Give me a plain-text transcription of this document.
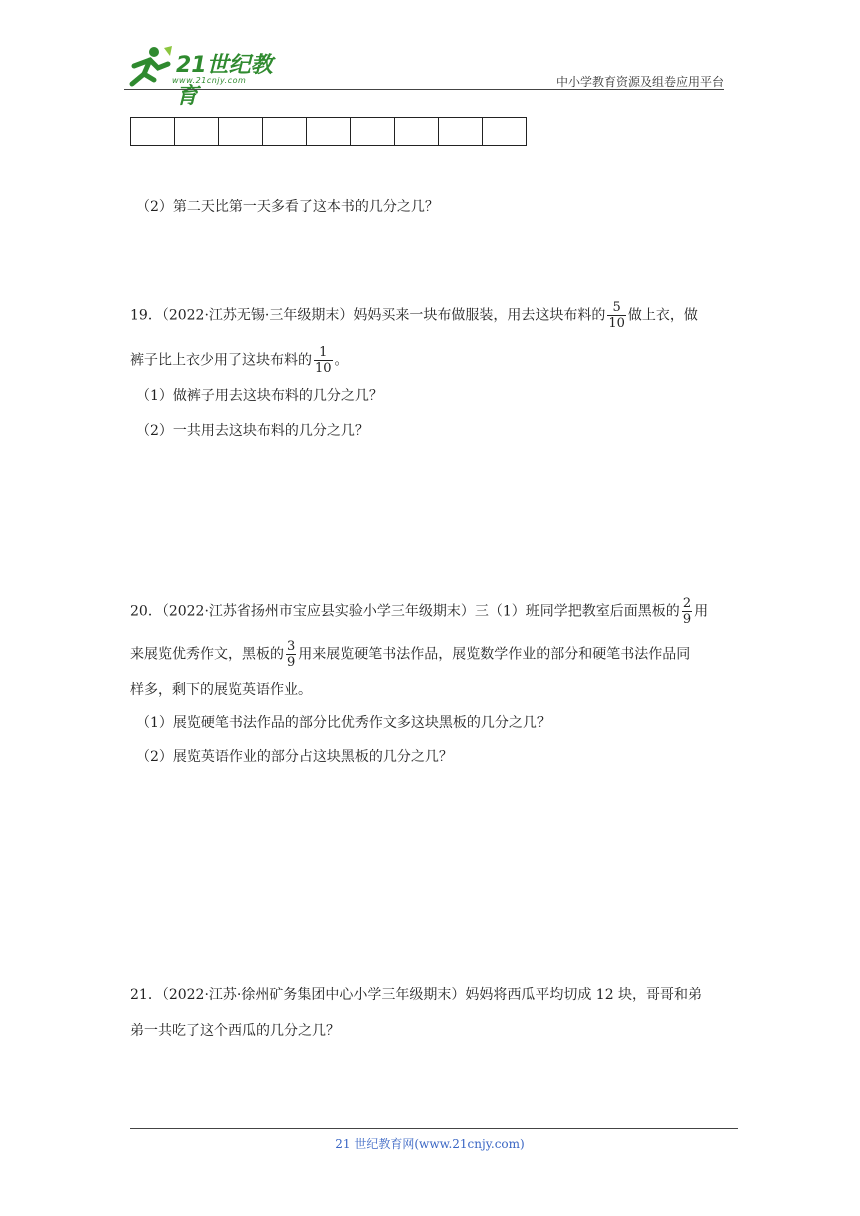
21世纪教育
www.21cnjy.com	中小学教育资源及组卷应用平台

（2）第二天比第一天多看了这本书的几分之几？
19．（2022·江苏无锡·三年级期末）妈妈买来一块布做服装，用去这块布料的 $\frac{5}{10}$ 做上衣，做
裤子比上衣少用了这块布料的 $\frac{1}{10}$ 。
（1）做裤子用去这块布料的几分之几？
（2）一共用去这块布料的几分之几？
20．（2022·江苏省扬州市宝应县实验小学三年级期末）三（1）班同学把教室后面黑板的 $\frac{2}{9}$ 用
来展览优秀作文，黑板的 $\frac{3}{9}$ 用来展览硬笔书法作品，展览数学作业的部分和硬笔书法作品同
样多，剩下的展览英语作业。
（1）展览硬笔书法作品的部分比优秀作文多这块黑板的几分之几？
（2）展览英语作业的部分占这块黑板的几分之几？
21．（2022·江苏·徐州矿务集团中心小学三年级期末）妈妈将西瓜平均切成 12 块，哥哥和弟
弟一共吃了这个西瓜的几分之几？
21 世纪教育网(www.21cnjy.com)
